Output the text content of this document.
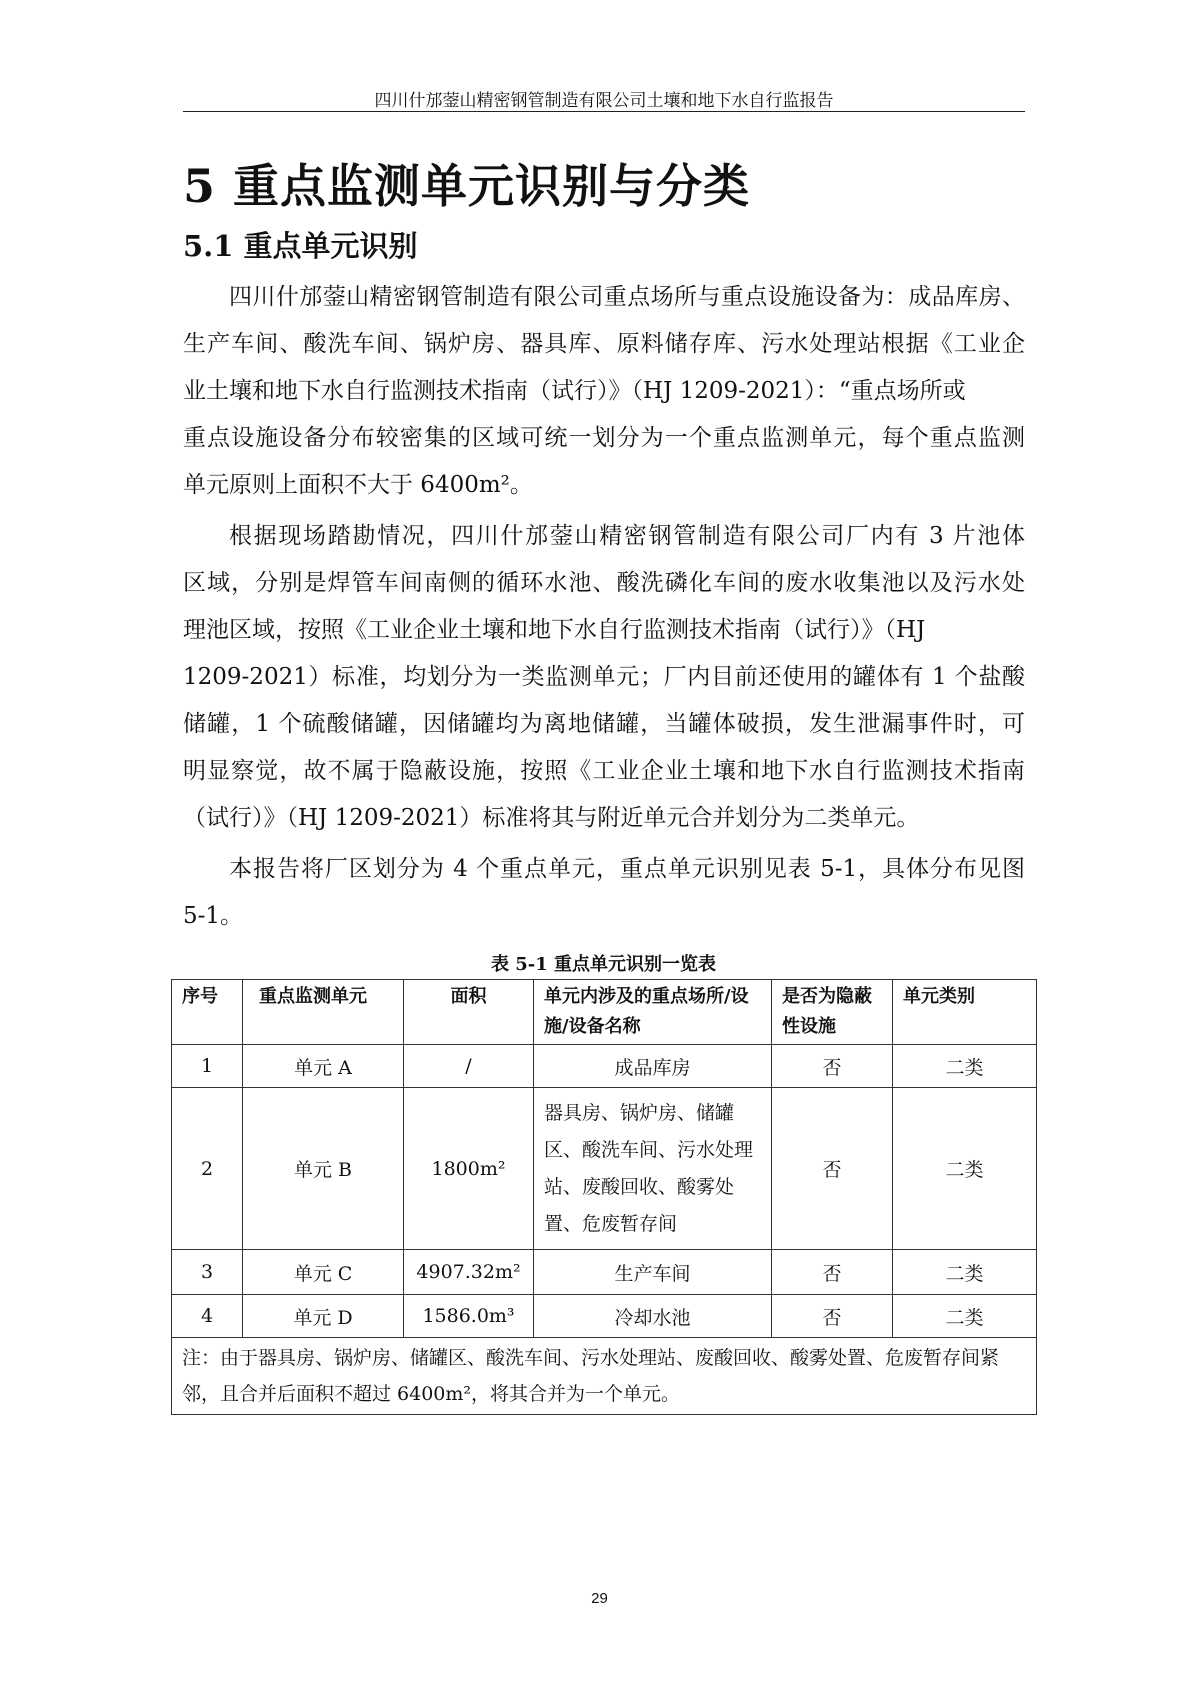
四川什邡蓥山精密钢管制造有限公司土壤和地下水自行监报告
5 重点监测单元识别与分类
5.1 重点单元识别
四川什邡蓥山精密钢管制造有限公司重点场所与重点设施设备为：成品库房、
生产车间、酸洗车间、锅炉房、器具库、原料储存库、污水处理站根据《工业企
业土壤和地下水自行监测技术指南（试行）》（HJ 1209-2021）：“重点场所或
重点设施设备分布较密集的区域可统一划分为一个重点监测单元，每个重点监测
单元原则上面积不大于 6400m²。
根据现场踏勘情况，四川什邡蓥山精密钢管制造有限公司厂内有 3 片池体
区域，分别是焊管车间南侧的循环水池、酸洗磷化车间的废水收集池以及污水处
理池区域，按照《工业企业土壤和地下水自行监测技术指南（试行）》（HJ
1209-2021）标准，均划分为一类监测单元；厂内目前还使用的罐体有 1 个盐酸
储罐，1 个硫酸储罐，因储罐均为离地储罐，当罐体破损，发生泄漏事件时，可
明显察觉，故不属于隐蔽设施，按照《工业企业土壤和地下水自行监测技术指南
（试行）》（HJ 1209-2021）标准将其与附近单元合并划分为二类单元。
本报告将厂区划分为 4 个重点单元，重点单元识别见表 5-1，具体分布见图
5-1。
表 5-1 重点单元识别一览表
序号	重点监测单元	面积	单元内涉及的重点场所/设施/设备名称	是否为隐蔽性设施	单元类别
1	单元 A	/	成品库房	否	二类
2	单元 B	1800m²	器具房、锅炉房、储罐区、酸洗车间、污水处理站、废酸回收、酸雾处置、危废暂存间	否	二类
3	单元 C	4907.32m²	生产车间	否	二类
4	单元 D	1586.0m³	冷却水池	否	二类
注：由于器具房、锅炉房、储罐区、酸洗车间、污水处理站、废酸回收、酸雾处置、危废暂存间紧邻，且合并后面积不超过 6400m²，将其合并为一个单元。					
29
